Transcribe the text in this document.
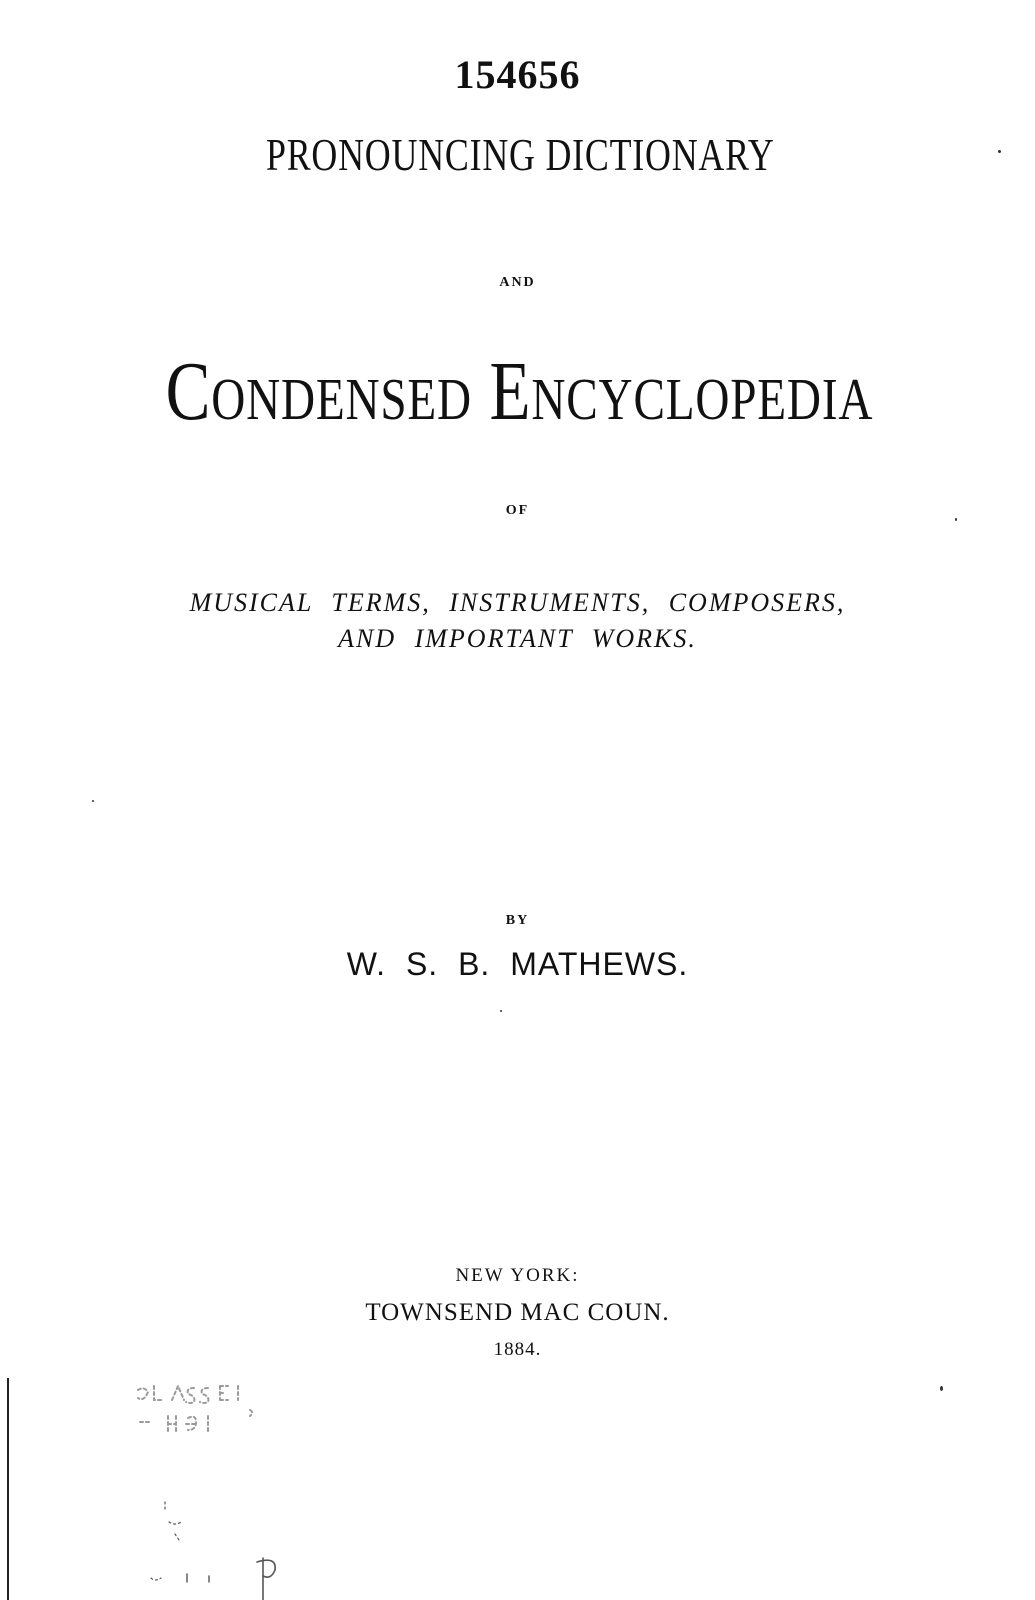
154656
PRONOUNCING DICTIONARY
AND
Condensed Encyclopedia
OF
MUSICAL TERMS, INSTRUMENTS, COMPOSERS,
AND IMPORTANT WORKS.
BY
W. S. B. MATHEWS.
NEW YORK:
TOWNSEND MAC COUN.
1884.
